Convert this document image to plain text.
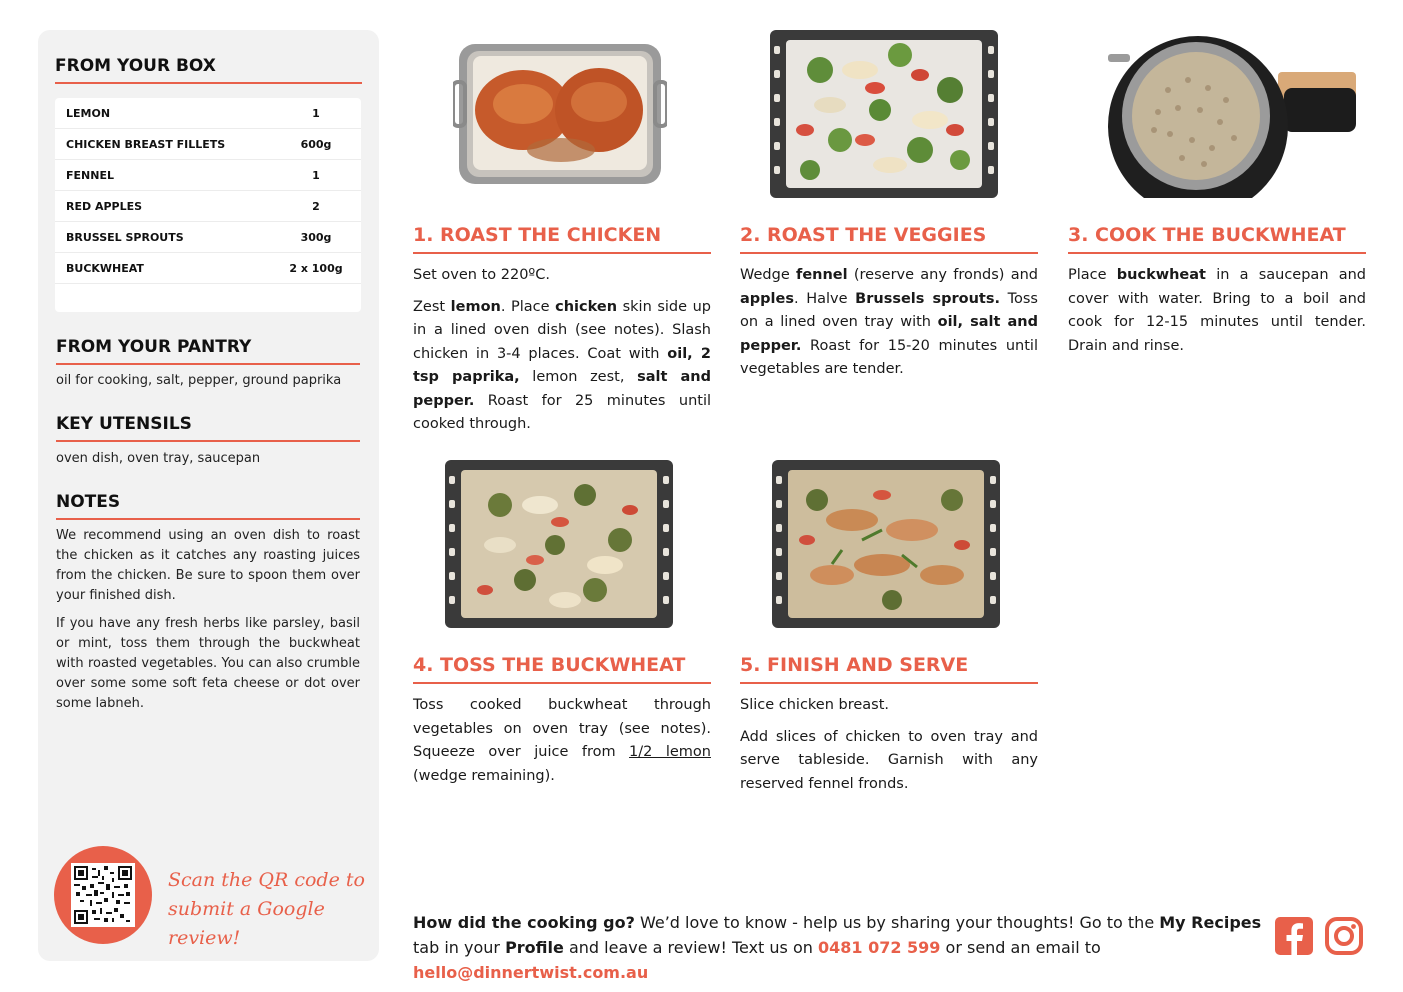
FROM YOUR BOX
LEMON	1
CHICKEN BREAST FILLETS	600g
FENNEL	1
RED APPLES	2
BRUSSEL SPROUTS	300g
BUCKWHEAT	2 x 100g
FROM YOUR PANTRY
oil for cooking, salt, pepper, ground paprika
KEY UTENSILS
oven dish, oven tray, saucepan
NOTES

We recommend using an oven dish to roast the chicken as it catches any roasting juices from the chicken. Be sure to spoon them over your finished dish.

If you have any fresh herbs like parsley, basil or mint, toss them through the buckwheat with roasted vegetables. You can also crumble over some some soft feta cheese or dot over some labneh.

Scan the QR code to
submit a Google review!
1. ROAST THE CHICKEN

Set oven to 220ºC.

Zest lemon. Place chicken skin side up in a lined oven dish (see notes). Slash chicken in 3-4 places. Coat with oil, 2 tsp paprika, lemon zest, salt and pepper. Roast for 25 minutes until cooked through.

2. ROAST THE VEGGIES

Wedge fennel (reserve any fronds) and apples. Halve Brussels sprouts. Toss on a lined oven tray with oil, salt and pepper. Roast for 15-20 minutes until vegetables are tender.

3. COOK THE BUCKWHEAT

Place buckwheat in a saucepan and cover with water. Bring to a boil and cook for 12-15 minutes until tender. Drain and rinse.

4. TOSS THE BUCKWHEAT

Toss cooked buckwheat through vegetables on oven tray (see notes). Squeeze over juice from 1/2 lemon (wedge remaining).

5. FINISH AND SERVE

Slice chicken breast.

Add slices of chicken to oven tray and serve tableside. Garnish with any reserved fennel fronds.

How did the cooking go? We’d love to know - help us by sharing your thoughts! Go to the My Recipes tab in your Profile and leave a review! Text us on 0481 072 599 or send an email to hello@dinnertwist.com.au
